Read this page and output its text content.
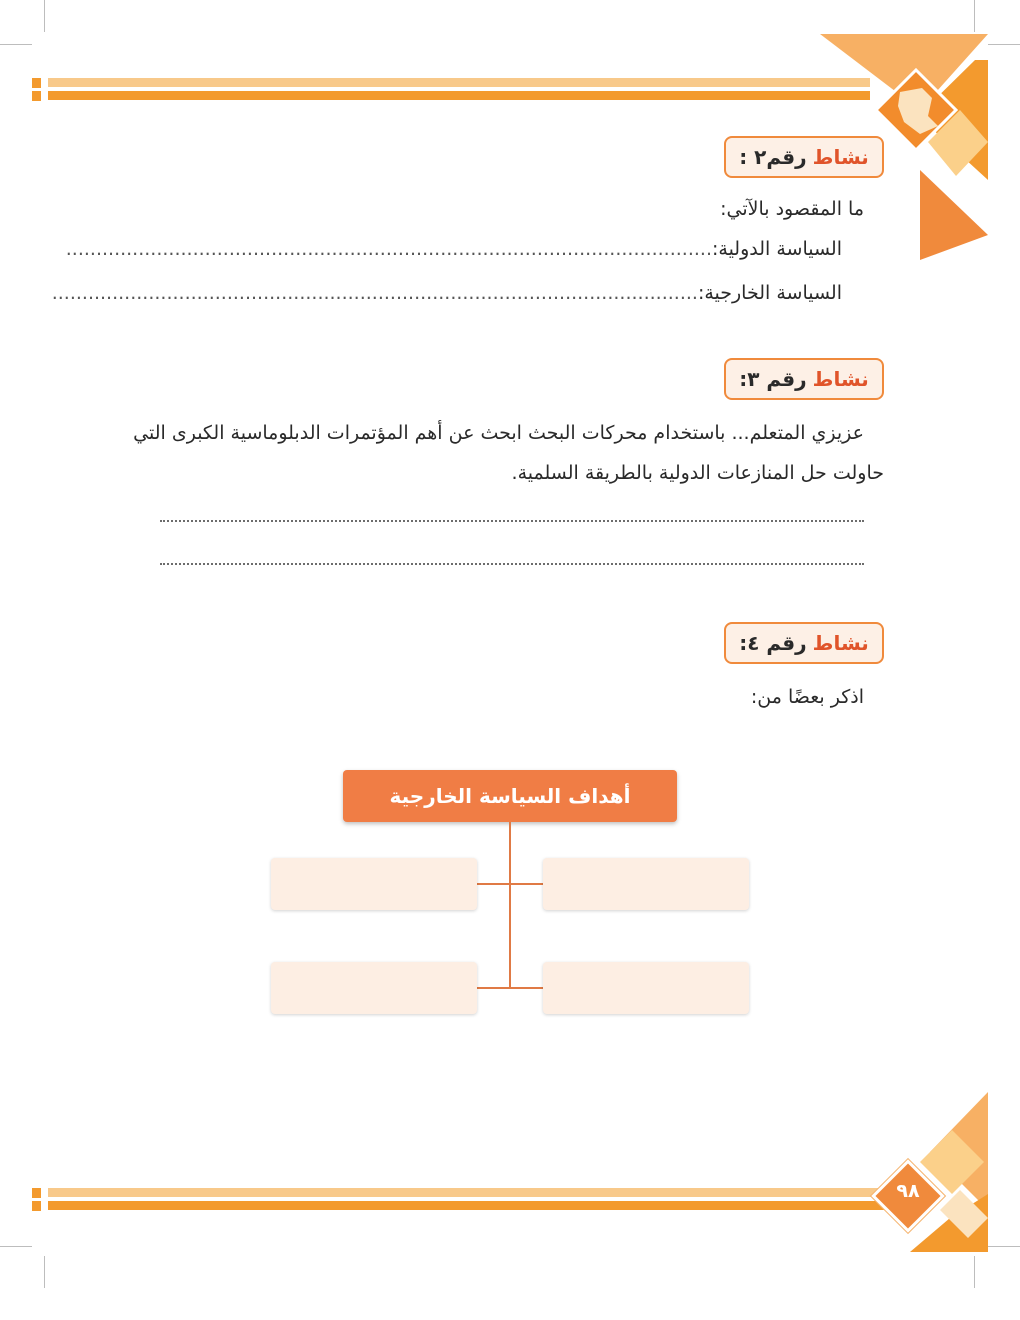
نشاط
رقم٢ :
ما المقصود بالآتي:
السياسة الدولية:...........................................................................................................
السياسة الخارجية:...........................................................................................................
نشاط
رقم ٣:
عزيزي المتعلم... باستخدام محركات البحث ابحث عن أهم المؤتمرات الدبلوماسية الكبرى التي
حاولت حل المنازعات الدولية بالطريقة السلمية.
نشاط
رقم ٤:
اذكر بعضًا من:
أهداف السياسة الخارجية
٩٨
